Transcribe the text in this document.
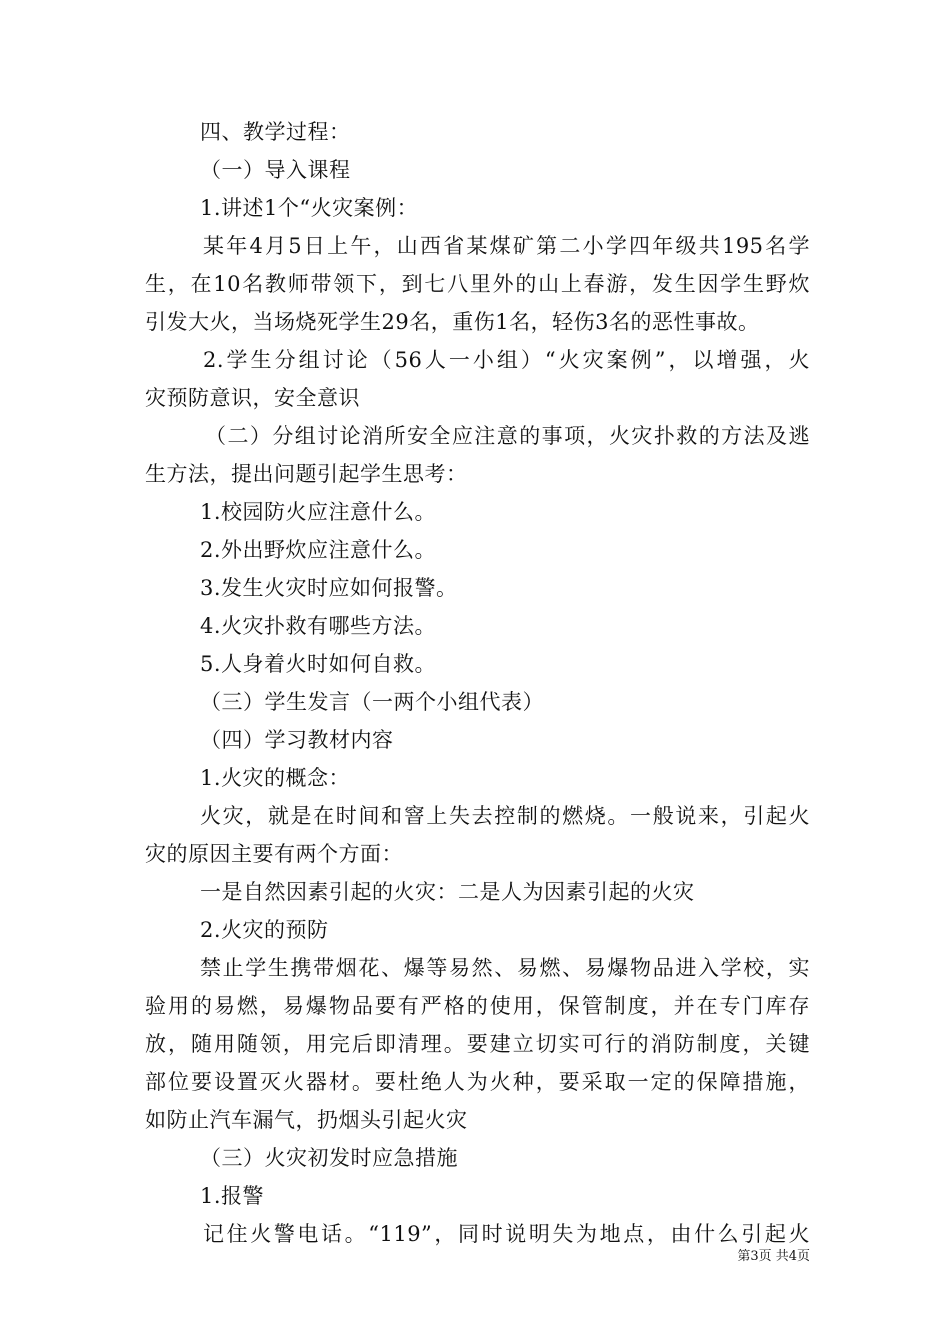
四、教学过程：
（一）导入课程
1.讲述1个“火灾案例：
某年4月5日上午，山西省某煤矿第二小学四年级共195名学
生，在10名教师带领下，到七八里外的山上春游，发生因学生野炊
引发大火，当场烧死学生29名，重伤1名，轻伤3名的恶性事故。
2.学生分组讨论（56人一小组）“火灾案例”，以增强，火
灾预防意识，安全意识
（二）分组讨论消所安全应注意的事项，火灾扑救的方法及逃
生方法，提出问题引起学生思考：
1.校园防火应注意什么。
2.外出野炊应注意什么。
3.发生火灾时应如何报警。
4.火灾扑救有哪些方法。
5.人身着火时如何自救。
（三）学生发言（一两个小组代表）
（四）学习教材内容
1.火灾的概念：
火灾，就是在时间和窨上失去控制的燃烧。一般说来，引起火
灾的原因主要有两个方面：
一是自然因素引起的火灾：二是人为因素引起的火灾
2.火灾的预防
禁止学生携带烟花、爆等易然、易燃、易爆物品进入学校，实
验用的易燃，易爆物品要有严格的使用，保管制度，并在专门库存
放，随用随领，用完后即清理。要建立切实可行的消防制度，关键
部位要设置灭火器材。要杜绝人为火种，要采取一定的保障措施，
如防止汽车漏气，扔烟头引起火灾
（三）火灾初发时应急措施
1.报警
记住火警电话。“119”，同时说明失为地点，由什么引起火
第3页 共4页
